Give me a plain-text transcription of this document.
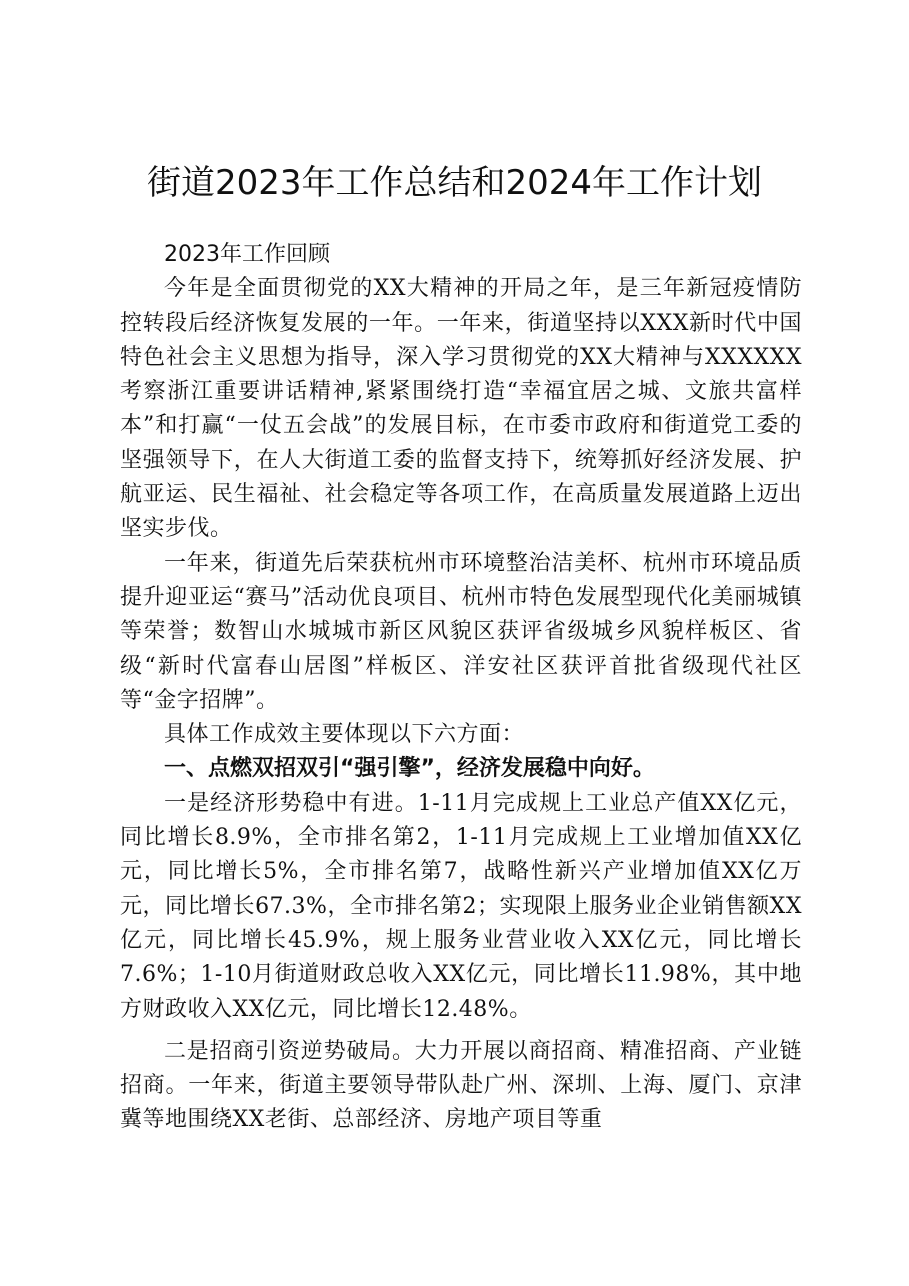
街道2023年工作总结和2024年工作计划

2023年工作回顾

今年是全面贯彻党的XX大精神的开局之年，是三年新冠疫情防控转段后经济恢复发展的一年。一年来，街道坚持以XXX新时代中国特色社会主义思想为指导，深入学习贯彻党的XX大精神与XXXXXX考察浙江重要讲话精神,紧紧围绕打造“幸福宜居之城、文旅共富样本”和打赢“一仗五会战”的发展目标，在市委市政府和街道党工委的坚强领导下，在人大街道工委的监督支持下，统筹抓好经济发展、护航亚运、民生福祉、社会稳定等各项工作，在高质量发展道路上迈出坚实步伐。

一年来，街道先后荣获杭州市环境整治洁美杯、杭州市环境品质提升迎亚运“赛马”活动优良项目、杭州市特色发展型现代化美丽城镇等荣誉；数智山水城城市新区风貌区获评省级城乡风貌样板区、省级“新时代富春山居图”样板区、洋安社区获评首批省级现代社区等“金字招牌”。

具体工作成效主要体现以下六方面：

一、点燃双招双引“强引擎”，经济发展稳中向好。

一是经济形势稳中有进。1-11月完成规上工业总产值XX亿元，同比增长8.9%，全市排名第2，1-11月完成规上工业增加值XX亿元，同比增长5%，全市排名第7，战略性新兴产业增加值XX亿万元，同比增长67.3%，全市排名第2；实现限上服务业企业销售额XX亿元，同比增长45.9%，规上服务业营业收入XX亿元，同比增长7.6%；1-10月街道财政总收入XX亿元，同比增长11.98%，其中地方财政收入XX亿元，同比增长12.48%。

二是招商引资逆势破局。大力开展以商招商、精准招商、产业链招商。一年来，街道主要领导带队赴广州、深圳、上海、厦门、京津冀等地围绕XX老街、总部经济、房地产项目等重
